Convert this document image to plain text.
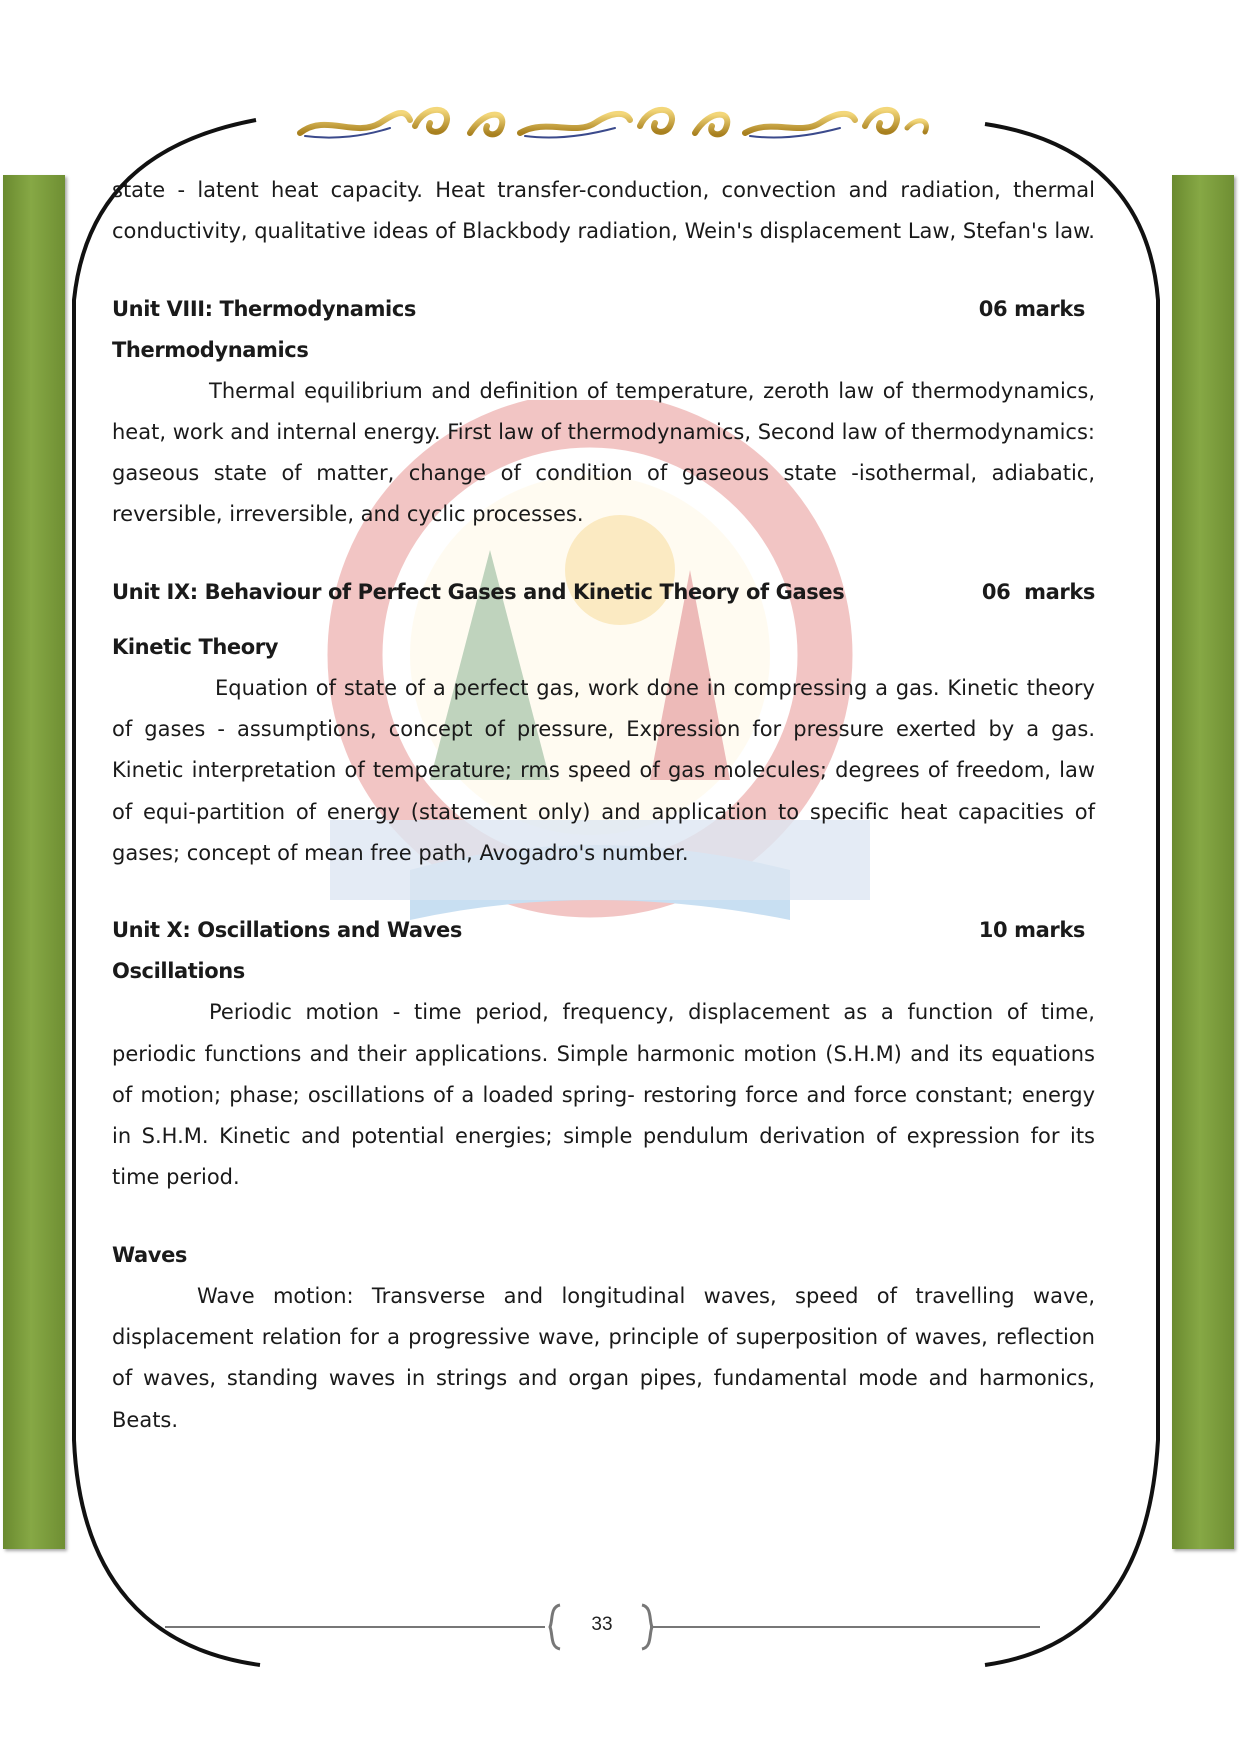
state - latent heat capacity. Heat transfer-conduction, convection and radiation, thermal conductivity, qualitative ideas of Blackbody radiation, Wein's displacement Law, Stefan's law.

Unit VIII: Thermodynamics	06 marks
Thermodynamics

Thermal equilibrium and definition of temperature, zeroth law of thermodynamics, heat, work and internal energy. First law of thermodynamics, Second law of thermodynamics: gaseous state of matter, change of condition of gaseous state -isothermal, adiabatic, reversible, irreversible, and cyclic processes.

Unit IX: Behaviour of Perfect Gases and Kinetic Theory of Gases	06  marks
Kinetic Theory

Equation of state of a perfect gas, work done in compressing a gas. Kinetic theory of gases - assumptions, concept of pressure, Expression for pressure exerted by a gas. Kinetic interpretation of temperature; rms speed of gas molecules; degrees of freedom, law of equi-partition of energy (statement only) and application to specific heat capacities of gases; concept of mean free path, Avogadro's number.

Unit X: Oscillations and Waves	10 marks
Oscillations

Periodic motion - time period, frequency, displacement as a function of time, periodic functions and their applications. Simple harmonic motion (S.H.M) and its equations of motion; phase; oscillations of a loaded spring- restoring force and force constant; energy in S.H.M. Kinetic and potential energies; simple pendulum derivation of expression for its time period.

Waves

Wave motion: Transverse and longitudinal waves, speed of travelling wave, displacement relation for a progressive wave, principle of superposition of waves, reflection of waves, standing waves in strings and organ pipes, fundamental mode and harmonics, Beats.

33
